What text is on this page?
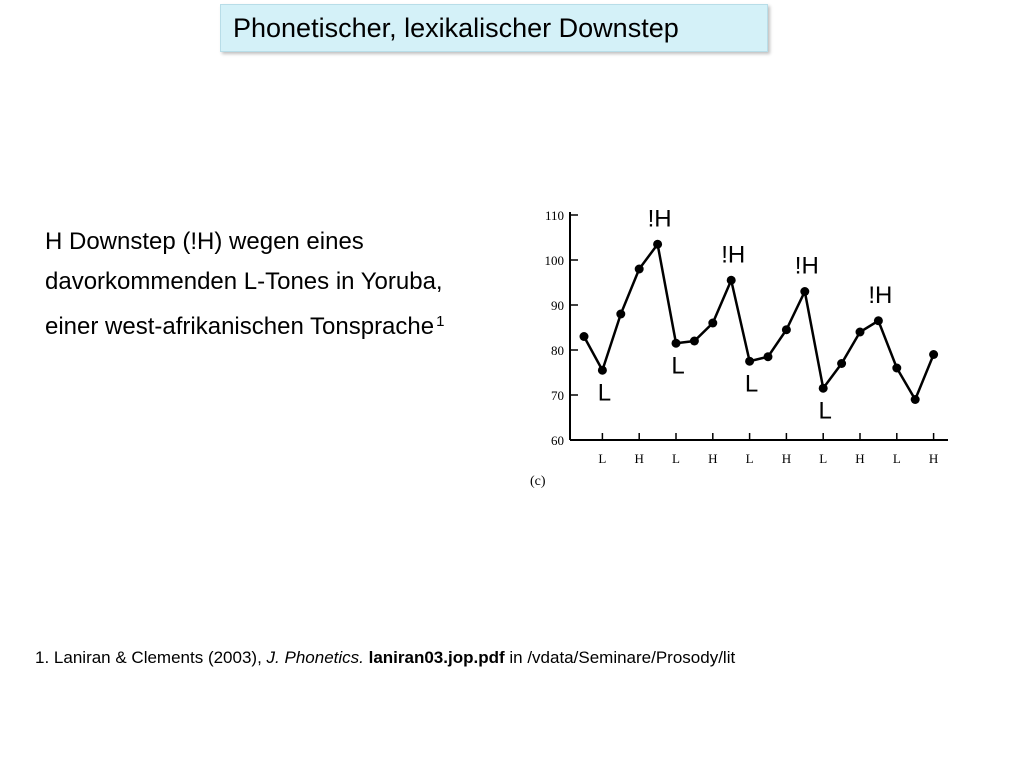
Phonetischer, lexikalischer Downstep
H Downstep (!H) wegen eines davorkommenden L-Tones in Yoruba, einer west-afrikanischen Tonsprache $^1$
60
70
80
90
100
110
L H L H L H L H L H
(c)
!H
!H !H
!H
L
L
L
L
1. Laniran & Clements (2003), J. Phonetics. laniran03.jop.pdf in /vdata/Seminare/Prosody/lit
